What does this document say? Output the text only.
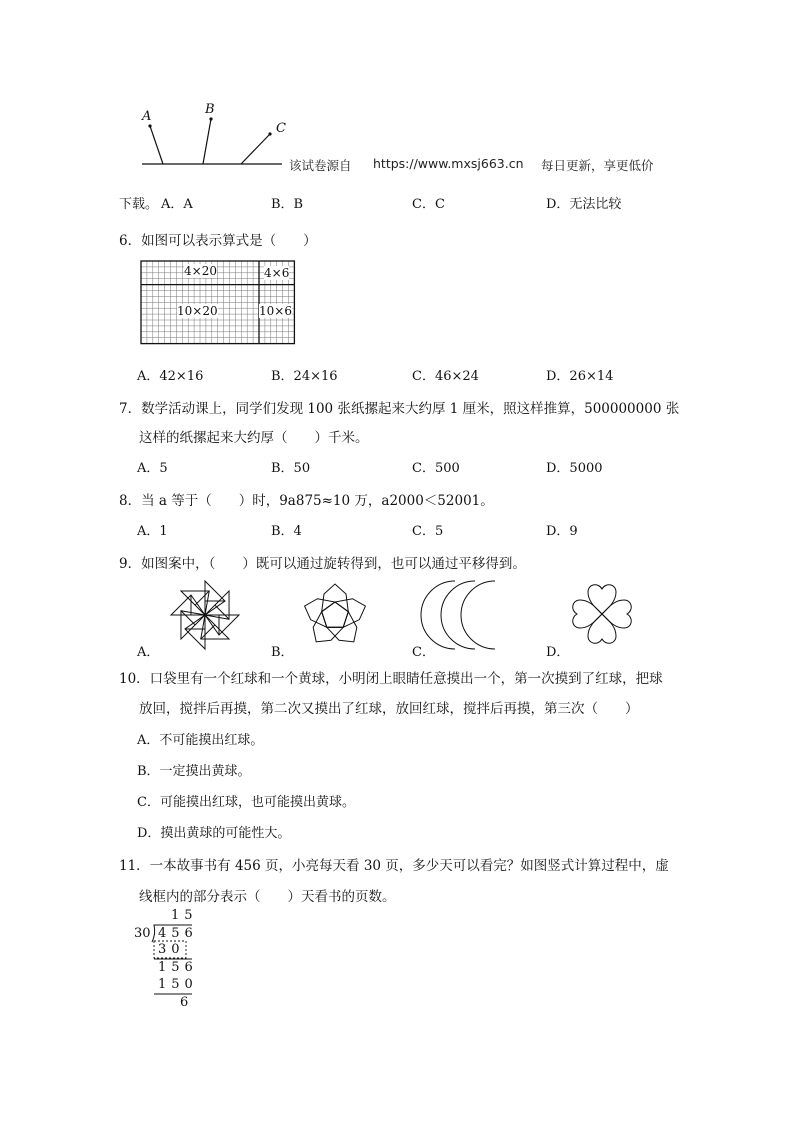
A	B
C
该试卷源自 https://www.mxsj663.cn 每日更新，享更低价
下载。 A．A	B．B	C．C	D．无法比较
6．如图可以表示算式是（　　）
4×20	4×6
10×20	10×6
A．42×16	B．24×16	C．46×24	D．26×14
7．数学活动课上，同学们发现 100 张纸摞起来大约厚 1 厘米，照这样推算，500000000 张
这样的纸摞起来大约厚（　　）千米。
A．5	B．50	C．500	D．5000
8．当 a 等于（　　）时，9a875≈10 万，a2000＜52001。
A．1	B．4	C．5	D．9
9．如图案中，（　　）既可以通过旋转得到，也可以通过平移得到。
A．	B．	C．	D．
10．口袋里有一个红球和一个黄球，小明闭上眼睛任意摸出一个，第一次摸到了红球，把球
放回，搅拌后再摸，第二次又摸出了红球，放回红球，搅拌后再摸，第三次（　　）
A．不可能摸出红球。
B．一定摸出黄球。
C．可能摸出红球，也可能摸出黄球。
D．摸出黄球的可能性大。
11．一本故事书有 456 页，小亮每天看 30 页，多少天可以看完？如图竖式计算过程中，虚
线框内的部分表示（　　）天看书的页数。
15
30 456
30
156
150
6
